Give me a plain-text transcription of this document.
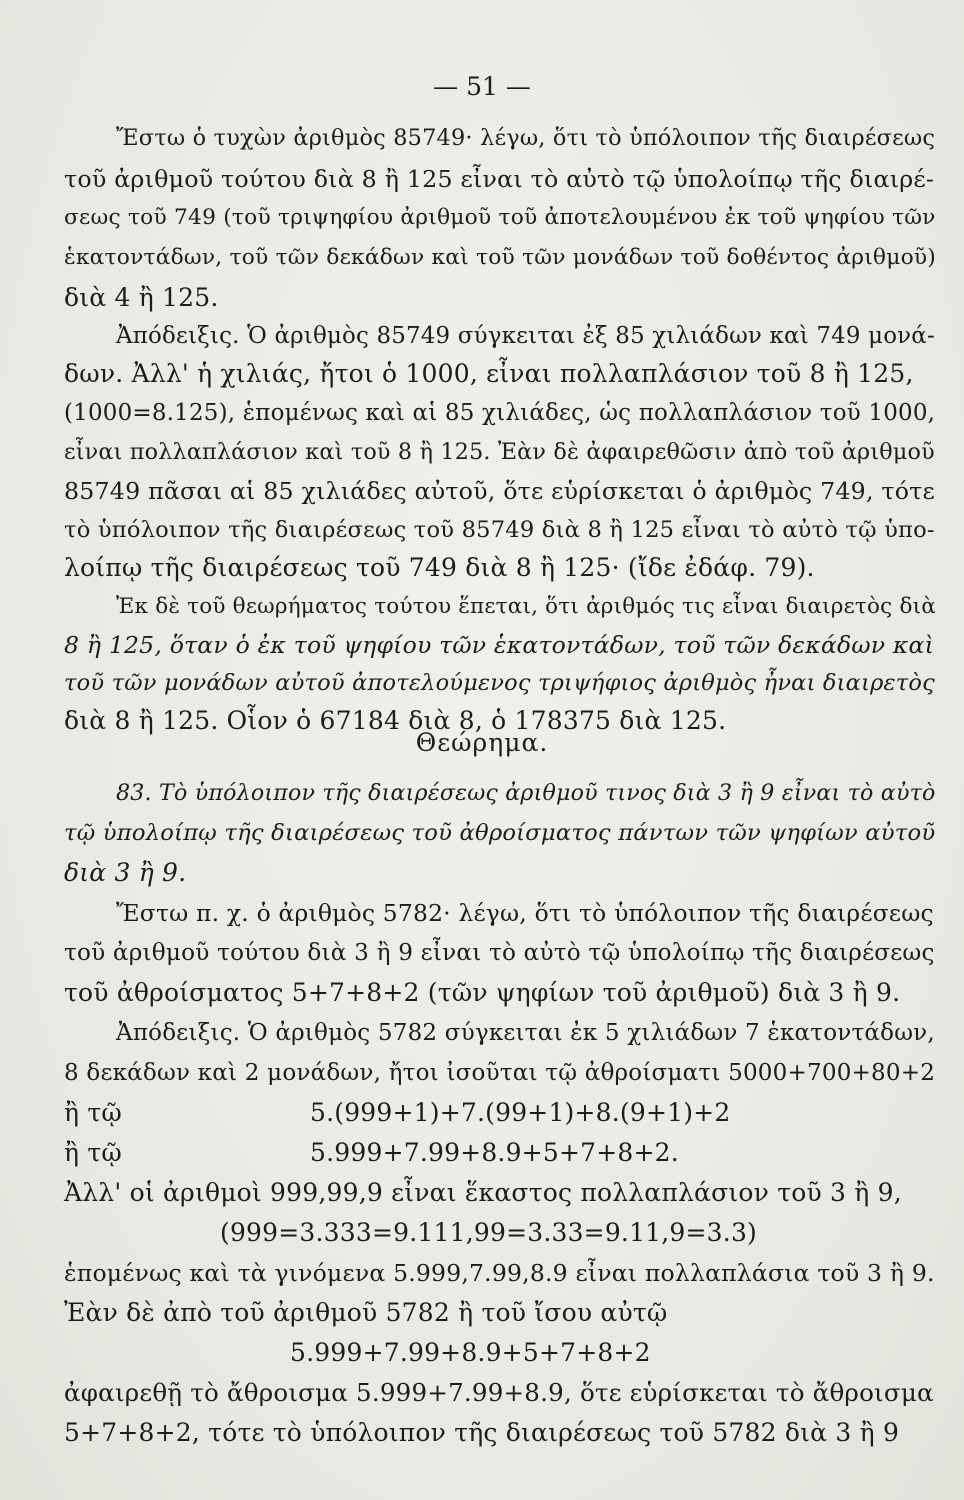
— 51 —
Ἔστω ὁ τυχὼν ἀριθμὸς 85749· λέγω, ὅτι τὸ ὑπόλοιπον τῆς διαιρέσεως
τοῦ ἀριθμοῦ τούτου διὰ 8 ἢ 125 εἶναι τὸ αὐτὸ τῷ ὑπολοίπῳ τῆς διαιρέ-
σεως τοῦ 749 (τοῦ τριψηφίου ἀριθμοῦ τοῦ ἀποτελουμένου ἐκ τοῦ ψηφίου τῶν
ἑκατοντάδων, τοῦ τῶν δεκάδων καὶ τοῦ τῶν μονάδων τοῦ δοθέντος ἀριθμοῦ)
διὰ 4 ἢ 125.
Ἀπόδειξις. Ὁ ἀριθμὸς 85749 σύγκειται ἐξ 85 χιλιάδων καὶ 749 μονά-
δων. Ἀλλ' ἡ χιλιάς, ἤτοι ὁ 1000, εἶναι πολλαπλάσιον τοῦ 8 ἢ 125,
(1000=8.125), ἑπομένως καὶ αἱ 85 χιλιάδες, ὡς πολλαπλάσιον τοῦ 1000,
εἶναι πολλαπλάσιον καὶ τοῦ 8 ἢ 125. Ἐὰν δὲ ἀφαιρεθῶσιν ἀπὸ τοῦ ἀριθμοῦ
85749 πᾶσαι αἱ 85 χιλιάδες αὐτοῦ, ὅτε εὑρίσκεται ὁ ἀριθμὸς 749, τότε
τὸ ὑπόλοιπον τῆς διαιρέσεως τοῦ 85749 διὰ 8 ἢ 125 εἶναι τὸ αὐτὸ τῷ ὑπο-
λοίπῳ τῆς διαιρέσεως τοῦ 749 διὰ 8 ἢ 125· (ἴδε ἐδάφ. 79).
Ἐκ δὲ τοῦ θεωρήματος τούτου ἕπεται, ὅτι ἀριθμός τις εἶναι διαιρετὸς διὰ
8 ἢ 125, ὅταν ὁ ἐκ τοῦ ψηφίου τῶν ἑκατοντάδων, τοῦ τῶν δεκάδων καὶ
τοῦ τῶν μονάδων αὐτοῦ ἀποτελούμενος τριψήφιος ἀριθμὸς ἦναι διαιρετὸς
διὰ 8 ἢ 125. Οἷον ὁ 67184 διὰ 8, ὁ 178375 διὰ 125.
Θεώρημα.
83. Τὸ ὑπόλοιπον τῆς διαιρέσεως ἀριθμοῦ τινος διὰ 3 ἢ 9 εἶναι τὸ αὐτὸ
τῷ ὑπολοίπῳ τῆς διαιρέσεως τοῦ ἀθροίσματος πάντων τῶν ψηφίων αὐτοῦ
διὰ 3 ἢ 9.
Ἔστω π. χ. ὁ ἀριθμὸς 5782· λέγω, ὅτι τὸ ὑπόλοιπον τῆς διαιρέσεως
τοῦ ἀριθμοῦ τούτου διὰ 3 ἢ 9 εἶναι τὸ αὐτὸ τῷ ὑπολοίπῳ τῆς διαιρέσεως
τοῦ ἀθροίσματος 5+7+8+2 (τῶν ψηφίων τοῦ ἀριθμοῦ) διὰ 3 ἢ 9.
Ἀπόδειξις. Ὁ ἀριθμὸς 5782 σύγκειται ἐκ 5 χιλιάδων 7 ἑκατοντάδων,
8 δεκάδων καὶ 2 μονάδων, ἤτοι ἰσοῦται τῷ ἀθροίσματι 5000+700+80+2
ἢ τῷ	5.(999+1)+7.(99+1)+8.(9+1)+2
ἢ τῷ	5.999+7.99+8.9+5+7+8+2.
Ἀλλ' οἱ ἀριθμοὶ 999,99,9 εἶναι ἕκαστος πολλαπλάσιον τοῦ 3 ἢ 9,
(999=3.333=9.111,99=3.33=9.11,9=3.3)
ἑπομένως καὶ τὰ γινόμενα 5.999,7.99,8.9 εἶναι πολλαπλάσια τοῦ 3 ἢ 9.
Ἐὰν δὲ ἀπὸ τοῦ ἀριθμοῦ 5782 ἢ τοῦ ἴσου αὐτῷ
5.999+7.99+8.9+5+7+8+2
ἀφαιρεθῇ τὸ ἄθροισμα 5.999+7.99+8.9, ὅτε εὑρίσκεται τὸ ἄθροισμα
5+7+8+2, τότε τὸ ὑπόλοιπον τῆς διαιρέσεως τοῦ 5782 διὰ 3 ἢ 9
